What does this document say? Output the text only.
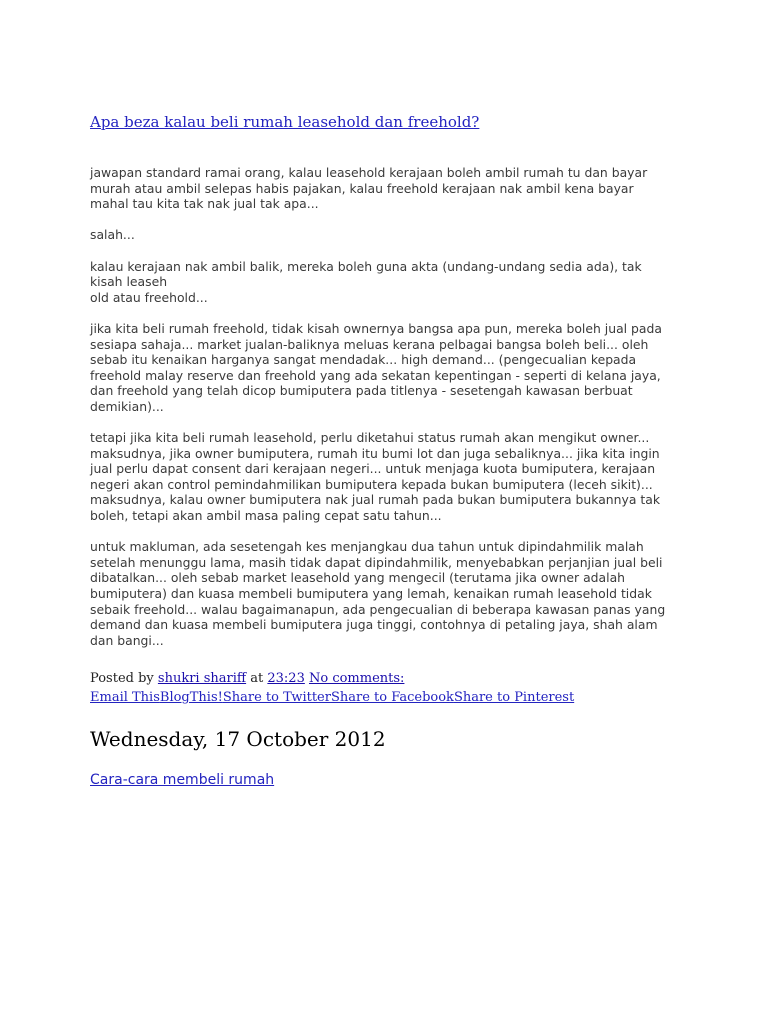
Apa beza kalau beli rumah leasehold dan freehold?

jawapan standard ramai orang, kalau leasehold kerajaan boleh ambil rumah tu dan bayar
murah atau ambil selepas habis pajakan, kalau freehold kerajaan nak ambil kena bayar
mahal tau kita tak nak jual tak apa...

salah...

kalau kerajaan nak ambil balik, mereka boleh guna akta (undang-undang sedia ada), tak
kisah leaseh
old atau freehold...

jika kita beli rumah freehold, tidak kisah ownernya bangsa apa pun, mereka boleh jual pada
sesiapa sahaja... market jualan-baliknya meluas kerana pelbagai bangsa boleh beli... oleh
sebab itu kenaikan harganya sangat mendadak... high demand... (pengecualian kepada
freehold malay reserve dan freehold yang ada sekatan kepentingan - seperti di kelana jaya,
dan freehold yang telah dicop bumiputera pada titlenya - sesetengah kawasan berbuat
demikian)...

tetapi jika kita beli rumah leasehold, perlu diketahui status rumah akan mengikut owner...
maksudnya, jika owner bumiputera, rumah itu bumi lot dan juga sebaliknya... jika kita ingin
jual perlu dapat consent dari kerajaan negeri... untuk menjaga kuota bumiputera, kerajaan
negeri akan control pemindahmilikan bumiputera kepada bukan bumiputera (leceh sikit)...
maksudnya, kalau owner bumiputera nak jual rumah pada bukan bumiputera bukannya tak
boleh, tetapi akan ambil masa paling cepat satu tahun...

untuk makluman, ada sesetengah kes menjangkau dua tahun untuk dipindahmilik malah
setelah menunggu lama, masih tidak dapat dipindahmilik, menyebabkan perjanjian jual beli
dibatalkan... oleh sebab market leasehold yang mengecil (terutama jika owner adalah
bumiputera) dan kuasa membeli bumiputera yang lemah, kenaikan rumah leasehold tidak
sebaik freehold... walau bagaimanapun, ada pengecualian di beberapa kawasan panas yang
demand dan kuasa membeli bumiputera juga tinggi, contohnya di petaling jaya, shah alam
dan bangi...

Posted by shukri shariff at 23:23 No comments:
Email ThisBlogThis!Share to TwitterShare to FacebookShare to Pinterest
Wednesday, 17 October 2012
Cara-cara membeli rumah
